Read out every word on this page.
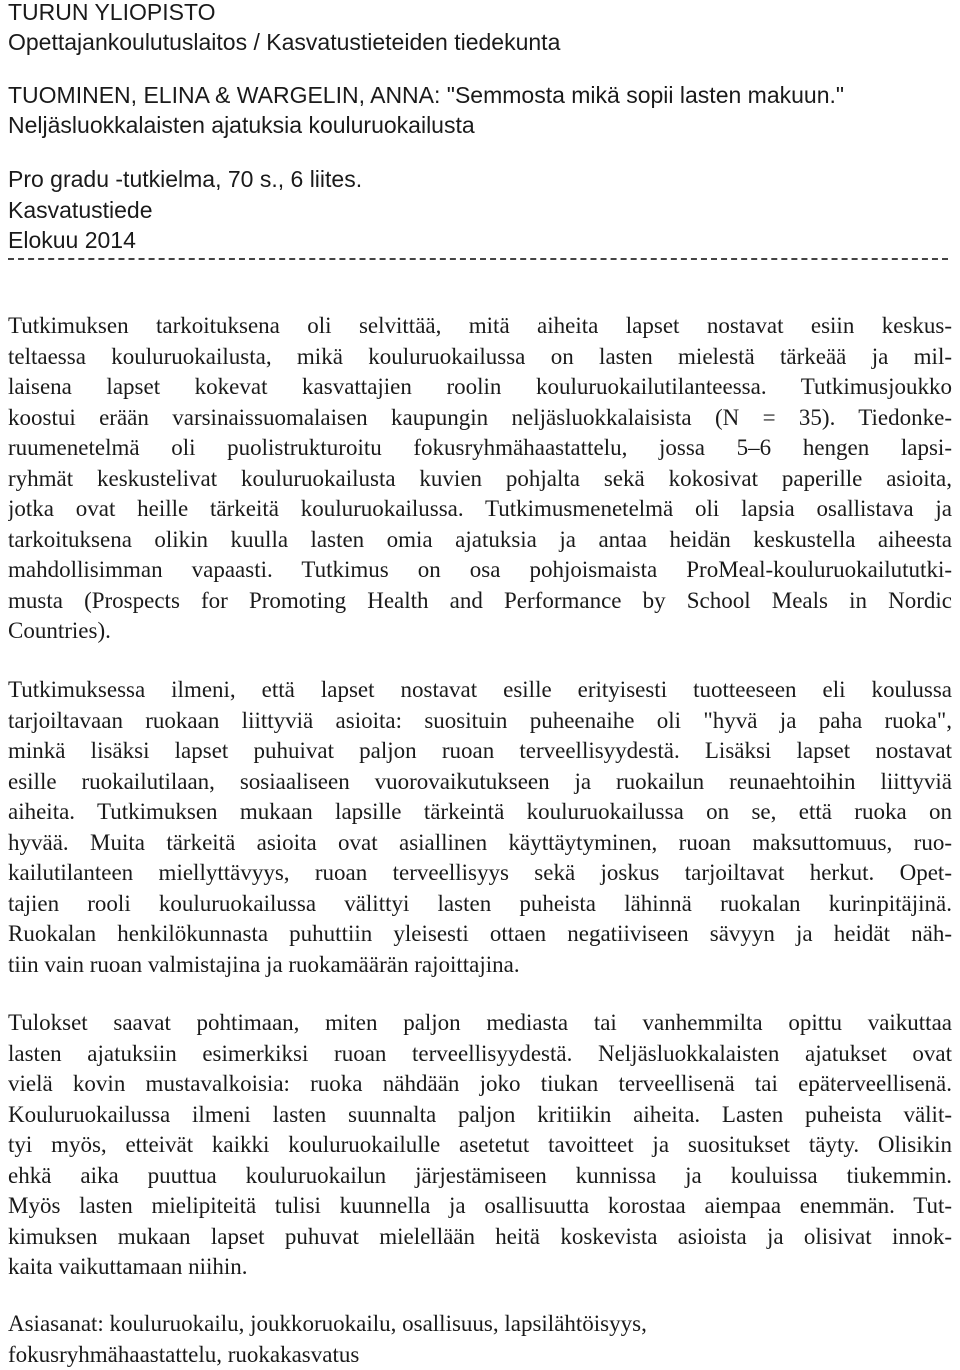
TURUN YLIOPISTO

Opettajankoulutuslaitos / Kasvatustieteiden tiedekunta

TUOMINEN, ELINA & WARGELIN, ANNA: "Semmosta mikä sopii lasten makuun."

Neljäsluokkalaisten ajatuksia kouluruokailusta

Pro gradu -tutkielma, 70 s., 6 liites.

Kasvatustiede

Elokuu 2014

Tutkimuksen tarkoituksena oli selvittää, mitä aiheita lapset nostavat esiin keskus-
teltaessa kouluruokailusta, mikä kouluruokailussa on lasten mielestä tärkeää ja mil-
laisena lapset kokevat kasvattajien roolin kouluruokailutilanteessa. Tutkimusjoukko
koostui erään varsinaissuomalaisen kaupungin neljäsluokkalaisista (N = 35). Tiedonke-
ruumenetelmä oli puolistrukturoitu fokusryhmähaastattelu, jossa 5–6 hengen lapsi-
ryhmät keskustelivat kouluruokailusta kuvien pohjalta sekä kokosivat paperille asioita,
jotka ovat heille tärkeitä kouluruokailussa. Tutkimusmenetelmä oli lapsia osallistava ja
tarkoituksena olikin kuulla lasten omia ajatuksia ja antaa heidän keskustella aiheesta
mahdollisimman vapaasti. Tutkimus on osa pohjoismaista ProMeal-kouluruokailututki-
musta (Prospects for Promoting Health and Performance by School Meals in Nordic
Countries).
Tutkimuksessa ilmeni, että lapset nostavat esille erityisesti tuotteeseen eli koulussa
tarjoiltavaan ruokaan liittyviä asioita: suosituin puheenaihe oli "hyvä ja paha ruoka",
minkä lisäksi lapset puhuivat paljon ruoan terveellisyydestä. Lisäksi lapset nostavat
esille ruokailutilaan, sosiaaliseen vuorovaikutukseen ja ruokailun reunaehtoihin liittyviä
aiheita. Tutkimuksen mukaan lapsille tärkeintä kouluruokailussa on se, että ruoka on
hyvää. Muita tärkeitä asioita ovat asiallinen käyttäytyminen, ruoan maksuttomuus, ruo-
kailutilanteen miellyttävyys, ruoan terveellisyys sekä joskus tarjoiltavat herkut. Opet-
tajien rooli kouluruokailussa välittyi lasten puheista lähinnä ruokalan kurinpitäjinä.
Ruokalan henkilökunnasta puhuttiin yleisesti ottaen negatiiviseen sävyyn ja heidät näh-
tiin vain ruoan valmistajina ja ruokamäärän rajoittajina.
Tulokset saavat pohtimaan, miten paljon mediasta tai vanhemmilta opittu vaikuttaa
lasten ajatuksiin esimerkiksi ruoan terveellisyydestä. Neljäsluokkalaisten ajatukset ovat
vielä kovin mustavalkoisia: ruoka nähdään joko tiukan terveellisenä tai epäterveellisenä.
Kouluruokailussa ilmeni lasten suunnalta paljon kritiikin aiheita. Lasten puheista välit-
tyi myös, etteivät kaikki kouluruokailulle asetetut tavoitteet ja suositukset täyty. Olisikin
ehkä aika puuttua kouluruokailun järjestämiseen kunnissa ja kouluissa tiukemmin.
Myös lasten mielipiteitä tulisi kuunnella ja osallisuutta korostaa aiempaa enemmän. Tut-
kimuksen mukaan lapset puhuvat mielellään heitä koskevista asioista ja olisivat innok-
kaita vaikuttamaan niihin.
Asiasanat: kouluruokailu, joukkoruokailu, osallisuus, lapsilähtöisyys,
fokusryhmähaastattelu, ruokakasvatus
